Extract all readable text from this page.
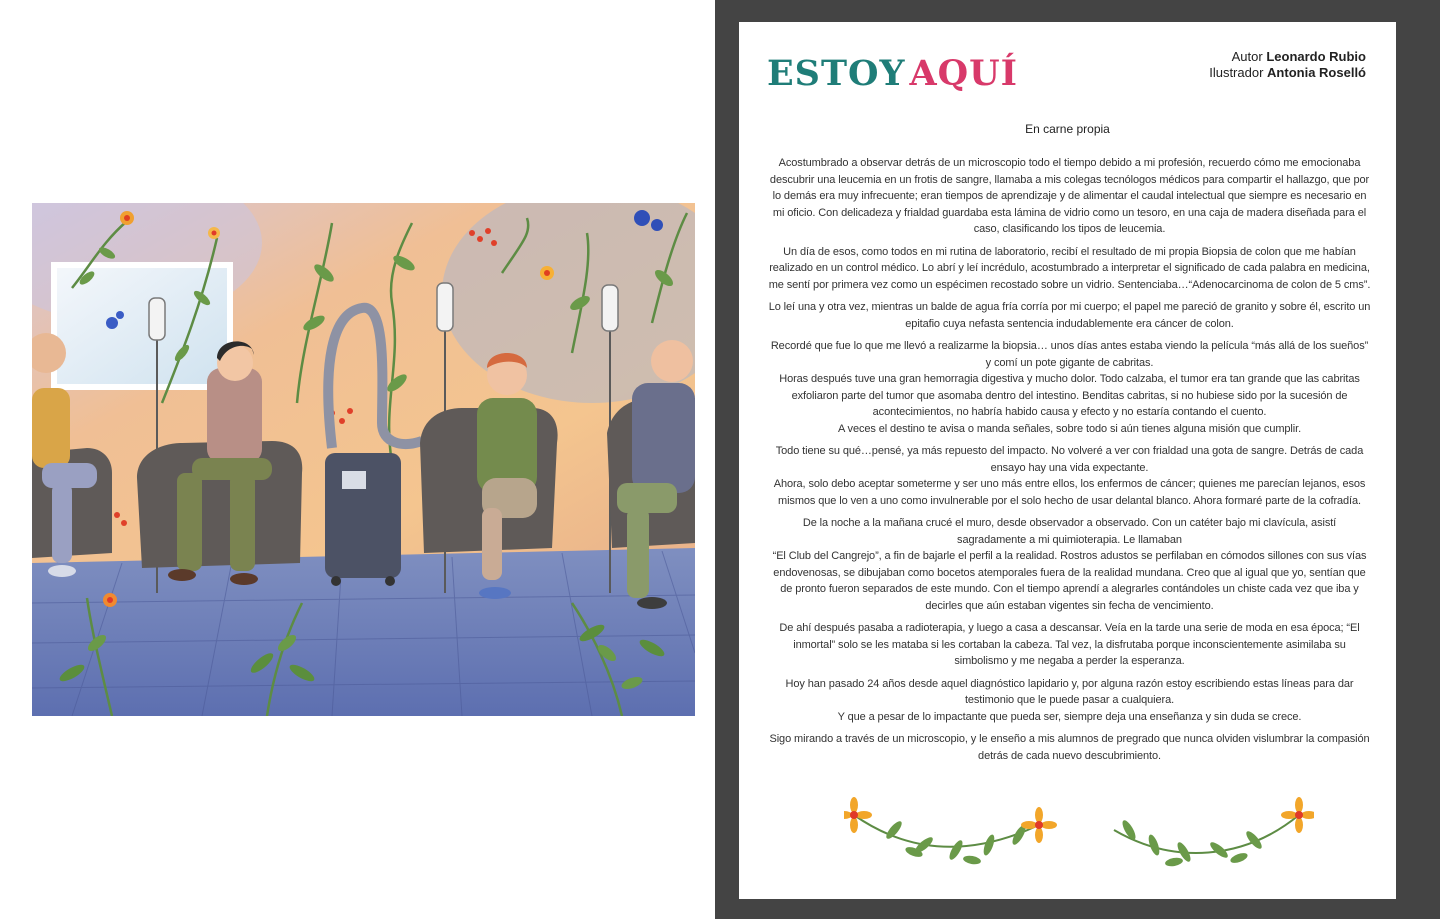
ESTOY AQUÍ	Autor Leonardo Rubio
Ilustrador Antonia Roselló

En carne propia

Acostumbrado a observar detrás de un microscopio todo el tiempo debido a mi profesión, recuerdo cómo me emocionaba descubrir una leucemia en un frotis de sangre, llamaba a mis colegas tecnólogos médicos para compartir el hallazgo, que por lo demás era muy infrecuente; eran tiempos de aprendizaje y de alimentar el caudal intelectual que siempre es necesario en mi oficio. Con delicadeza y frialdad guardaba esta lámina de vidrio como un tesoro, en una caja de madera diseñada para el caso, clasificando los tipos de leucemia.

Un día de esos, como todos en mi rutina de laboratorio, recibí el resultado de mi propia Biopsia de colon que me habían realizado en un control médico. Lo abrí y leí incrédulo, acostumbrado a interpretar el significado de cada palabra en medicina, me sentí por primera vez como un espécimen recostado sobre un vidrio. Sentenciaba…“Adenocarcinoma de colon de 5 cms”.

Lo leí una y otra vez, mientras un balde de agua fría corría por mi cuerpo; el papel me pareció de granito y sobre él, escrito un epitafio cuya nefasta sentencia indudablemente era cáncer de colon.

Recordé que fue lo que me llevó a realizarme la biopsia… unos días antes estaba viendo la película “más allá de los sueños” y comí un pote gigante de cabritas.

Horas después tuve una gran hemorragia digestiva y mucho dolor. Todo calzaba, el tumor era tan grande que las cabritas exfoliaron parte del tumor que asomaba dentro del intestino. Benditas cabritas, si no hubiese sido por la sucesión de acontecimientos, no habría habido causa y efecto y no estaría contando el cuento.

A veces el destino te avisa o manda señales, sobre todo si aún tienes alguna misión que cumplir.

Todo tiene su qué…pensé, ya más repuesto del impacto. No volveré a ver con frialdad una gota de sangre. Detrás de cada ensayo hay una vida expectante.

Ahora, solo debo aceptar someterme y ser uno más entre ellos, los enfermos de cáncer; quienes me parecían lejanos, esos mismos que lo ven a uno como invulnerable por el solo hecho de usar delantal blanco. Ahora formaré parte de la cofradía.

De la noche a la mañana crucé el muro, desde observador a observado. Con un catéter bajo mi clavícula, asistí sagradamente a mi quimioterapia. Le llamaban

“El Club del Cangrejo”, a fin de bajarle el perfil a la realidad. Rostros adustos se perfilaban en cómodos sillones con sus vías endovenosas, se dibujaban como bocetos atemporales fuera de la realidad mundana. Creo que al igual que yo, sentían que de pronto fueron separados de este mundo. Con el tiempo aprendí a alegrarles contándoles un chiste cada vez que iba y decirles que aún estaban vigentes sin fecha de vencimiento.

De ahí después pasaba a radioterapia, y luego a casa a descansar. Veía en la tarde una serie de moda en esa época; “El inmortal” solo se les mataba si les cortaban la cabeza. Tal vez, la disfrutaba porque inconscientemente asimilaba su simbolismo y me negaba a perder la esperanza.

Hoy han pasado 24 años desde aquel diagnóstico lapidario y, por alguna razón estoy escribiendo estas líneas para dar testimonio que le puede pasar a cualquiera.

Y que a pesar de lo impactante que pueda ser, siempre deja una enseñanza y sin duda se crece.

Sigo mirando a través de un microscopio, y le enseño a mis alumnos de pregrado que nunca olviden vislumbrar la compasión detrás de cada nuevo descubrimiento.
